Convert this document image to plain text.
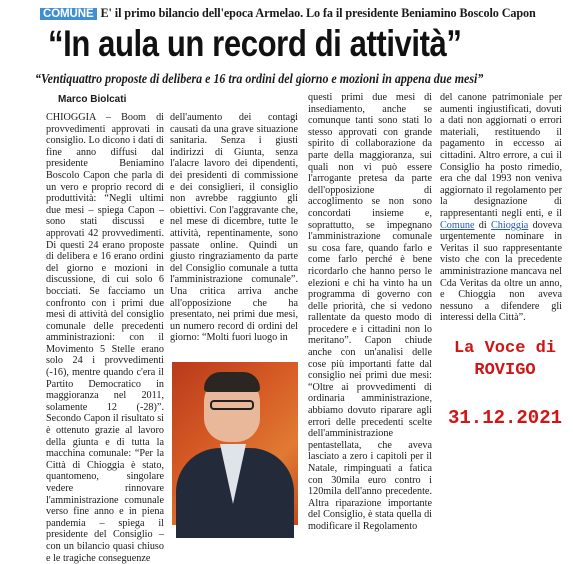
COMUNE E' il primo bilancio dell'epoca Armelao. Lo fa il presidente Beniamino Boscolo Capon
“In aula un record di attività”
“Ventiquattro proposte di delibera e 16 tra ordini del giorno e mozioni in appena due mesi”
Marco Biolcati

CHIOGGIA – Boom di provvedimenti approvati in consiglio. Lo dicono i dati di fine anno diffusi dal presidente Beniamino Boscolo Capon che parla di un vero e proprio record di produttività: “Negli ultimi due mesi – spiega Capon – sono stati discussi e approvati 42 provvedimenti. Di questi 24 erano proposte di delibera e 16 erano ordini del giorno e mozioni in discussione, di cui solo 6 bocciati. Se facciamo un confronto con i primi due mesi di attività del consiglio comunale delle precedenti amministrazioni: con il Movimento 5 Stelle erano solo 24 i provvedimenti (-16), mentre quando c'era il Partito Democratico in maggioranza nel 2011, solamente 12 (-28)”. Secondo Capon il risultato si è ottenuto grazie al lavoro della giunta e di tutta la macchina comunale: “Per la Città di Chioggia è stato, quantomeno, singolare vedere rinnovare l'amministrazione comunale verso fine anno e in piena pandemia – spiega il presidente del Consiglio – con un bilancio quasi chiuso e le tragiche conseguenze

dell'aumento dei contagi causati da una grave situazione sanitaria. Senza i giusti indirizzi di Giunta, senza l'alacre lavoro dei dipendenti, dei presidenti di commissione e dei consiglieri, il consiglio non avrebbe raggiunto gli obiettivi. Con l'aggravante che, nel mese di dicembre, tutte le attività, repentinamente, sono passate online. Quindi un giusto ringraziamento da parte del Consiglio comunale a tutta l'amministrazione comunale”. Una critica arriva anche all'opposizione che ha presentato, nei primi due mesi, un numero record di ordini del giorno: “Molti fuori luogo in

questi primi due mesi di insediamento, anche se comunque tanti sono stati lo stesso approvati con grande spirito di collaborazione da parte della maggioranza, sui quali non vi può essere l'arrogante pretesa da parte dell'opposizione di accoglimento se non sono concordati insieme e, soprattutto, se impegnano l'amministrazione comunale su cosa fare, quando farlo e come farlo perché è bene ricordarlo che hanno perso le elezioni e chi ha vinto ha un programma di governo con delle priorità, che si vedono rallentate da questo modo di procedere e i cittadini non lo meritano”. Capon chiude anche con un'analisi delle cose più importanti fatte dal consiglio nei primi due mesi: “Oltre ai provvedimenti di ordinaria amministrazione, abbiamo dovuto riparare agli errori delle precedenti scelte dell'amministrazione pentastellata, che aveva lasciato a zero i capitoli per il Natale, rimpinguati a fatica con 30mila euro contro i 120mila dell'anno precedente. Altra riparazione importante del Consiglio, è stata quella di modificare il Regolamento

del canone patrimoniale per aumenti ingiustificati, dovuti a dati non aggiornati o errori materiali, restituendo il pagamento in eccesso ai cittadini. Altro errore, a cui il Consiglio ha posto rimedio, era che dal 1993 non veniva aggiornato il regolamento per la designazione di rappresentanti negli enti, e il Comune di Chioggia doveva urgentemente nominare in Veritas il suo rappresentante visto che con la precedente amministrazione mancava nel Cda Veritas da oltre un anno, e Chioggia non aveva nessuno a difendere gli interessi della Città”.

La Voce di
ROVIGO
31.12.2021
